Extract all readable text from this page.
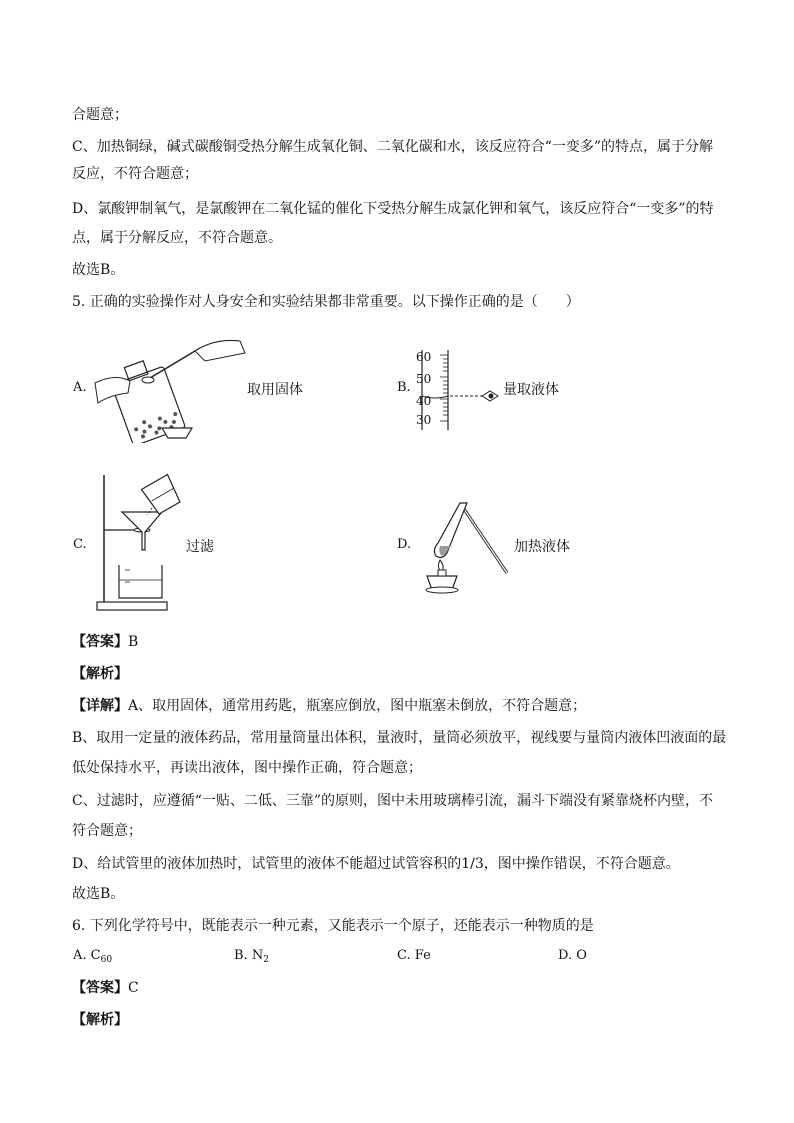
合题意；
C、加热铜绿，碱式碳酸铜受热分解生成氧化铜、二氧化碳和水，该反应符合“一变多”的特点，属于分解
反应，不符合题意；
D、氯酸钾制氧气，是氯酸钾在二氧化锰的催化下受热分解生成氯化钾和氧气，该反应符合“一变多”的特
点，属于分解反应，不符合题意。
故选B。
5. 正确的实验操作对人身安全和实验结果都非常重要。以下操作正确的是（　　）
A.	取用固体	B.
60
50
40
30
量取液体
C.	过滤	D.	加热液体
【答案】B
【解析】
【详解】A、取用固体，通常用药匙，瓶塞应倒放，图中瓶塞未倒放，不符合题意；
B、取用一定量的液体药品，常用量筒量出体积，量液时，量筒必须放平，视线要与量筒内液体凹液面的最
低处保持水平，再读出液体，图中操作正确，符合题意；
C、过滤时，应遵循“一贴、二低、三靠”的原则，图中未用玻璃棒引流，漏斗下端没有紧靠烧杯内壁，不
符合题意；
D、给试管里的液体加热时，试管里的液体不能超过试管容积的1/3，图中操作错误，不符合题意。
故选B。
6. 下列化学符号中，既能表示一种元素，又能表示一个原子，还能表示一种物质的是
A. $C_{60}$	B. $N_2$	C. Fe	D. O
【答案】C
【解析】
